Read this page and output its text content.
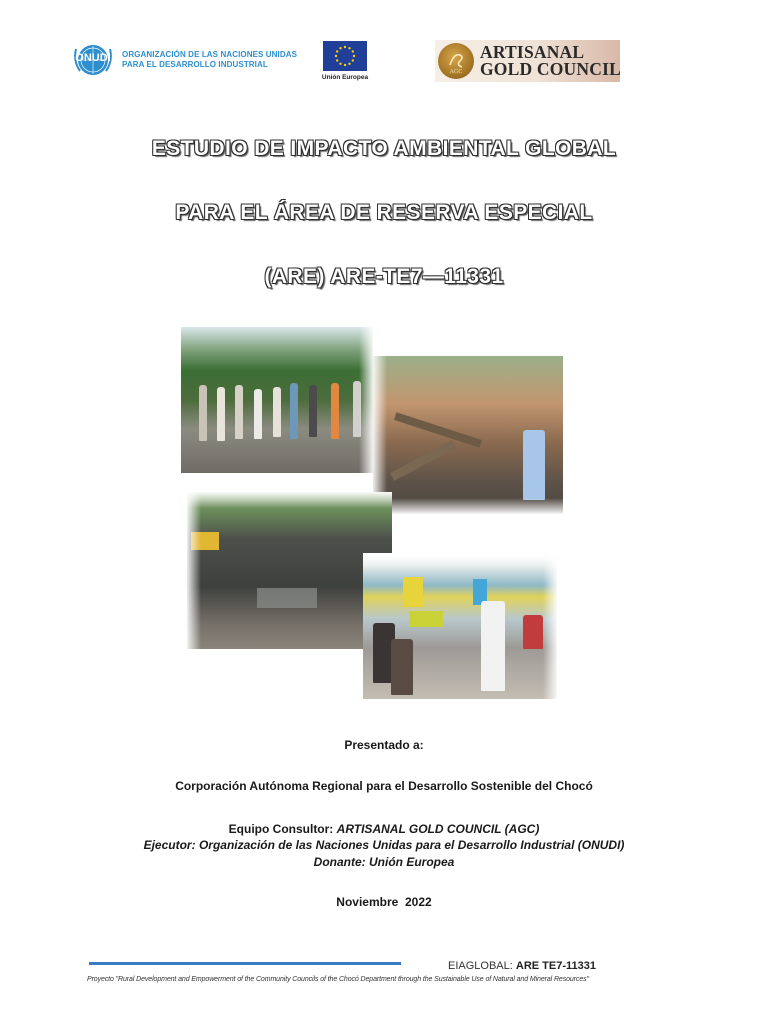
ONUDI	ORGANIZACIÓN DE LAS NACIONES UNIDAS
PARA EL DESARROLLO INDUSTRIAL
Unión Europea
AGC
ARTISANAL
GOLD COUNCIL
ESTUDIO DE IMPACTO AMBIENTAL GLOBAL
PARA EL ÁREA DE RESERVA ESPECIAL
(ARE) ARE-TE7—11331
Presentado a:
Corporación Autónoma Regional para el Desarrollo Sostenible del Chocó
Equipo Consultor: ARTISANAL GOLD COUNCIL (AGC)
Ejecutor: Organización de las Naciones Unidas para el Desarrollo Industrial (ONUDI)
Donante: Unión Europea
Noviembre  2022
EIAGLOBAL: ARE TE7-11331
Proyecto "Rural Development and Empowerment of the Community Councils of the Chocó Department through the Sustainable Use of Natural and Mineral Resources"
